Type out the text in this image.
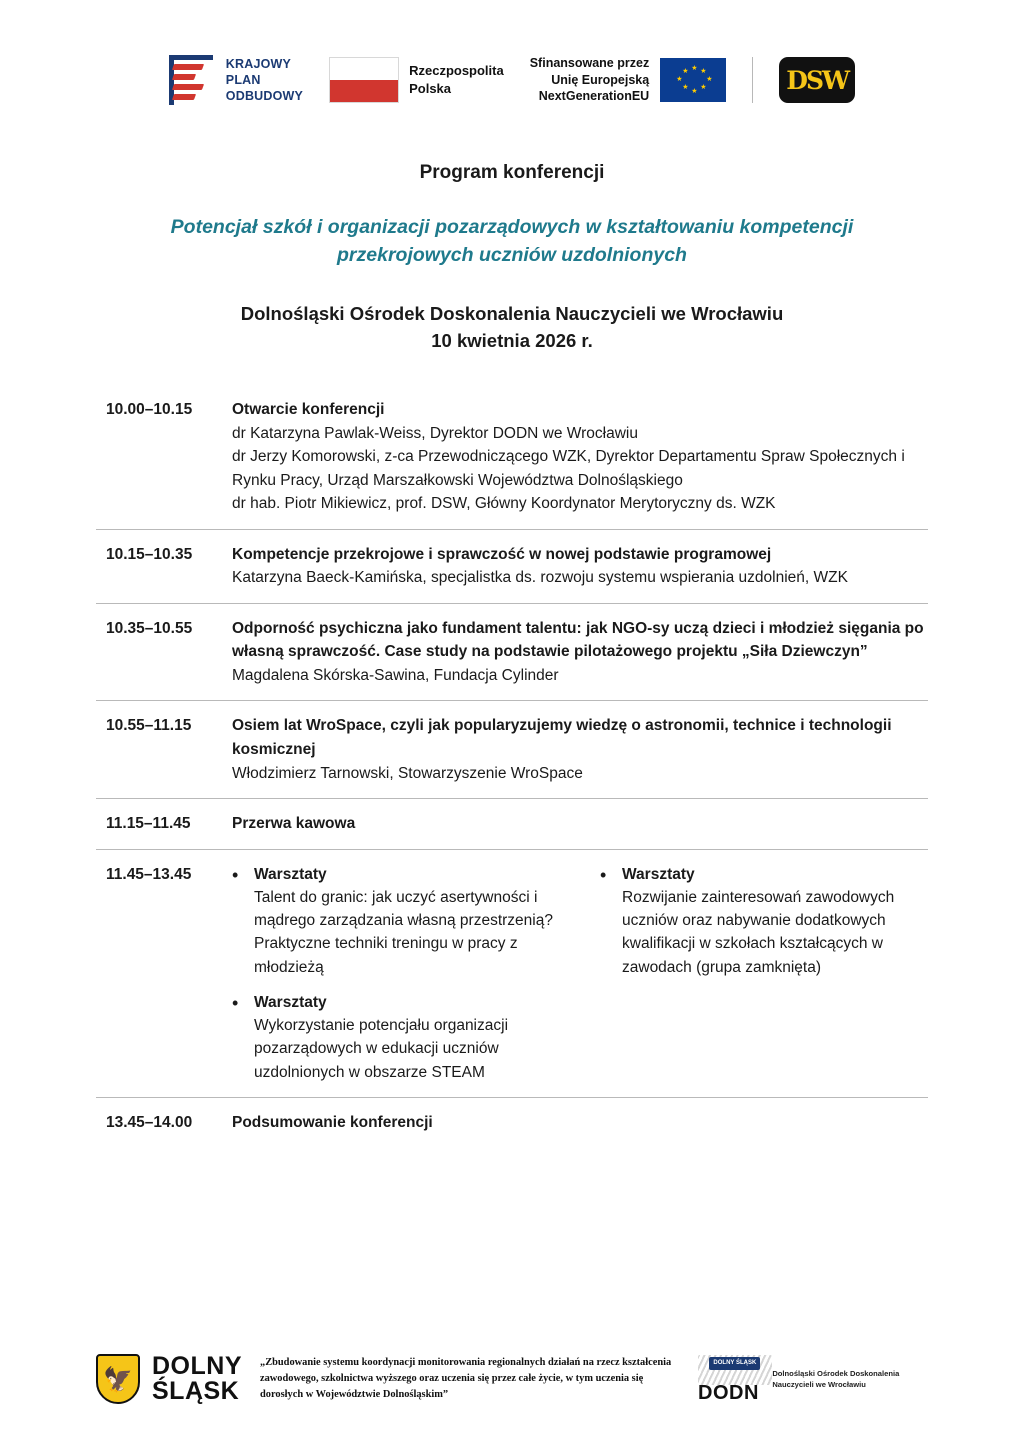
KRAJOWY
PLAN
ODBUDOWY
Rzeczpospolita
Polska
Sfinansowane przez
Unię Europejską
NextGenerationEU
★ ★
★
★
★
★
★
★	DSW
Program konferencji
Potencjał szkół i organizacji pozarządowych w kształtowaniu kompetencji
przekrojowych uczniów uzdolnionych
Dolnośląski Ośrodek Doskonalenia Nauczycieli we Wrocławiu
10 kwietnia 2026 r.
10.00–10.15	Otwarcie konferencji
dr Katarzyna Pawlak-Weiss, Dyrektor DODN we Wrocławiu
dr Jerzy Komorowski, z-ca Przewodniczącego WZK, Dyrektor Departamentu Spraw Społecznych i Rynku Pracy, Urząd Marszałkowski Województwa Dolnośląskiego
dr hab. Piotr Mikiewicz, prof. DSW, Główny Koordynator Merytoryczny ds. WZK
10.15–10.35	Kompetencje przekrojowe i sprawczość w nowej podstawie programowej
Katarzyna Baeck-Kamińska, specjalistka ds. rozwoju systemu wspierania uzdolnień, WZK
10.35–10.55	Odporność psychiczna jako fundament talentu: jak NGO-sy uczą dzieci i młodzież sięgania po własną sprawczość. Case study na podstawie pilotażowego projektu „Siła Dziewczyn”
Magdalena Skórska-Sawina, Fundacja Cylinder
10.55–11.15	Osiem lat WroSpace, czyli jak popularyzujemy wiedzę o astronomii, technice i technologii kosmicznej
Włodzimierz Tarnowski, Stowarzyszenie WroSpace
11.15–11.45	Przerwa kawowa
11.45–13.45	• Warsztaty
Talent do granic: jak uczyć asertywności i mądrego zarządzania własną przestrzenią? Praktyczne techniki treningu w pracy z młodzieżą
• Warsztaty
Wykorzystanie potencjału organizacji pozarządowych w edukacji uczniów uzdolnionych w obszarze STEAM
• Warsztaty
Rozwijanie zainteresowań zawodowych uczniów oraz nabywanie dodatkowych kwalifikacji w szkołach kształcących w zawodach (grupa zamknięta)
13.45–14.00	Podsumowanie konferencji
🦅
DOLNY
ŚLĄSK
„Zbudowanie systemu koordynacji monitorowania regionalnych działań na rzecz kształcenia zawodowego, szkolnictwa wyższego oraz uczenia się przez całe życie, w tym uczenia się dorosłych w Województwie Dolnośląskim”
DOLNY ŚLĄSK
DODN
Dolnośląski Ośrodek Doskonalenia Nauczycieli we Wrocławiu
